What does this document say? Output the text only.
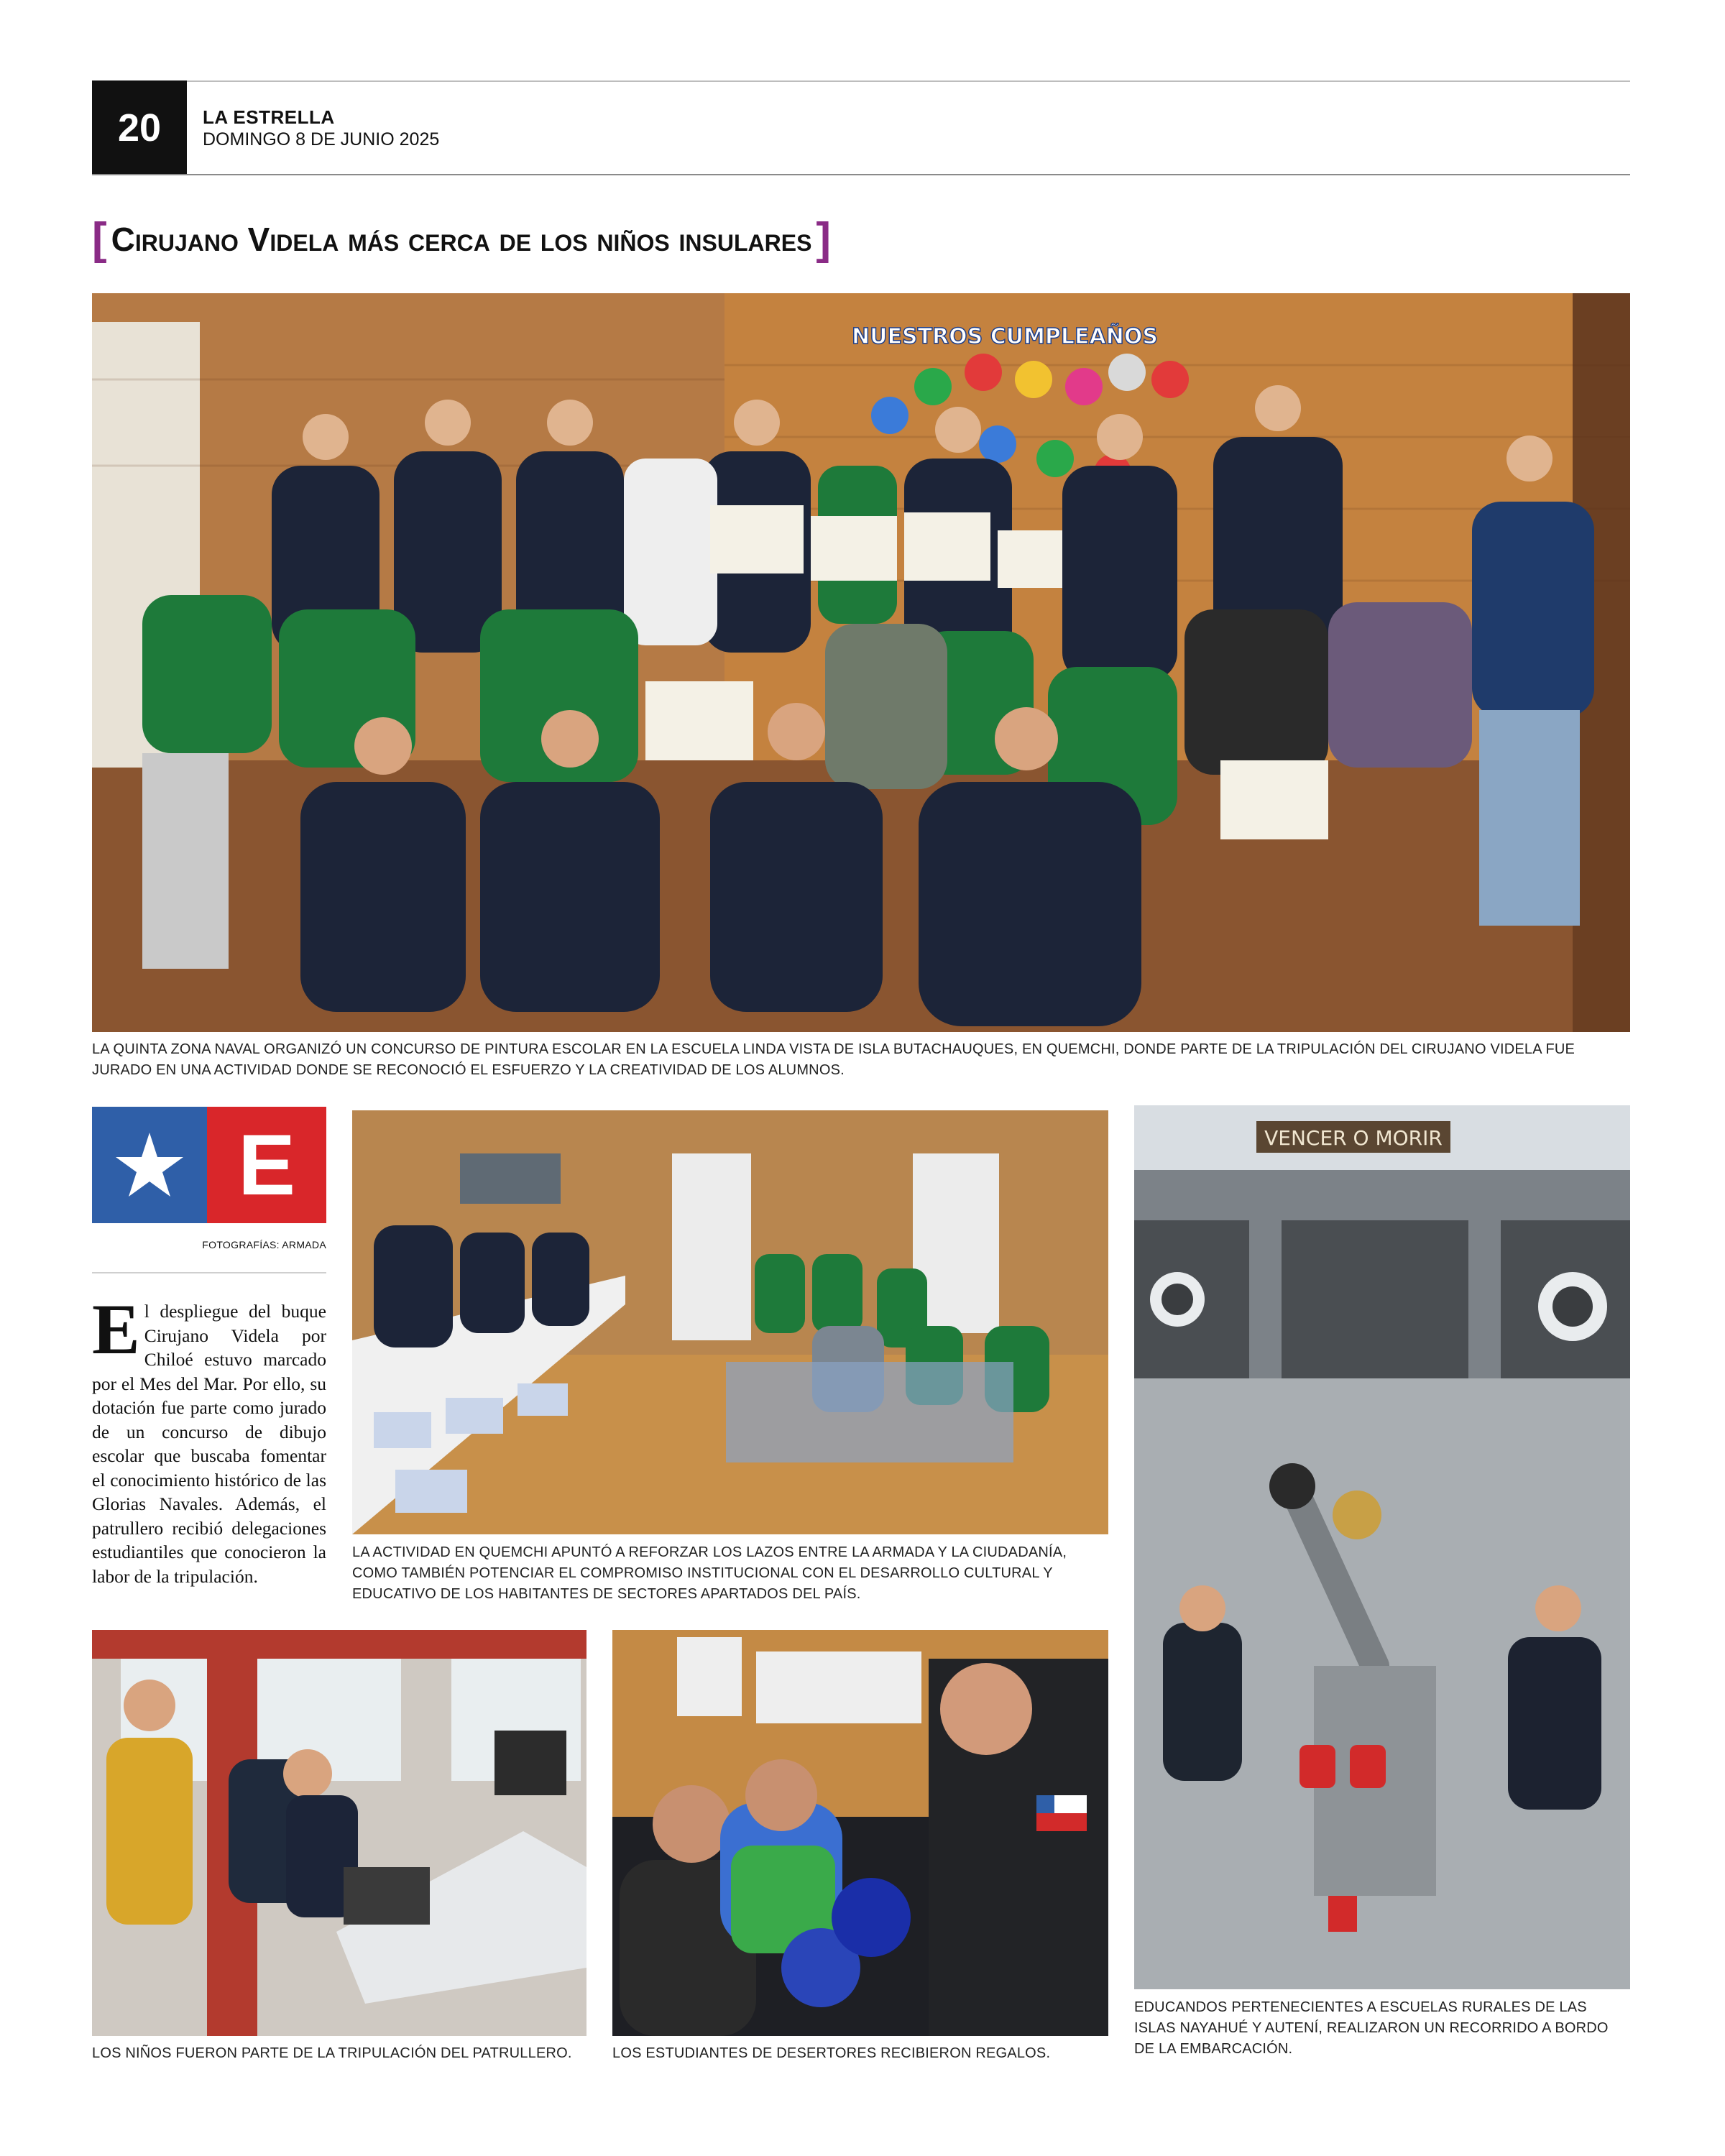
20	LA ESTRELLA
DOMINGO 8 DE JUNIO 2025
[ Cirujano Videla más cerca de los niños insulares ]
NUESTROS CUMPLEAÑOS
LA QUINTA ZONA NAVAL ORGANIZÓ UN CONCURSO DE PINTURA ESCOLAR EN LA ESCUELA LINDA VISTA DE ISLA BUTACHAUQUES, EN QUEMCHI, DONDE PARTE DE LA TRIPULACIÓN DEL CIRUJANO VIDELA FUE JURADO EN UNA ACTIVIDAD DONDE SE RECONOCIÓ EL ESFUERZO Y LA CREATIVIDAD DE LOS ALUMNOS.
E
FOTOGRAFÍAS: ARMADA
El despliegue del buque Cirujano Videla por Chiloé estuvo marcado por el Mes del Mar. Por ello, su dotación fue parte como jurado de un concurso de dibujo escolar que buscaba fomentar el conocimiento histórico de las Glorias Navales. Además, el patrullero recibió delegaciones estudiantiles que conocieron la labor de la tripulación.
LA ACTIVIDAD EN QUEMCHI APUNTÓ A REFORZAR LOS LAZOS ENTRE LA ARMADA Y LA CIUDADANÍA, COMO TAMBIÉN POTENCIAR EL COMPROMISO INSTITUCIONAL CON EL DESARROLLO CULTURAL Y EDUCATIVO DE LOS HABITANTES DE SECTORES APARTADOS DEL PAÍS.
VENCER O MORIR
EDUCANDOS PERTENECIENTES A ESCUELAS RURALES DE LAS ISLAS NAYAHUÉ Y AUTENÍ, REALIZARON UN RECORRIDO A BORDO DE LA EMBARCACIÓN.
LOS NIÑOS FUERON PARTE DE LA TRIPULACIÓN DEL PATRULLERO.	LOS ESTUDIANTES DE DESERTORES RECIBIERON REGALOS.
